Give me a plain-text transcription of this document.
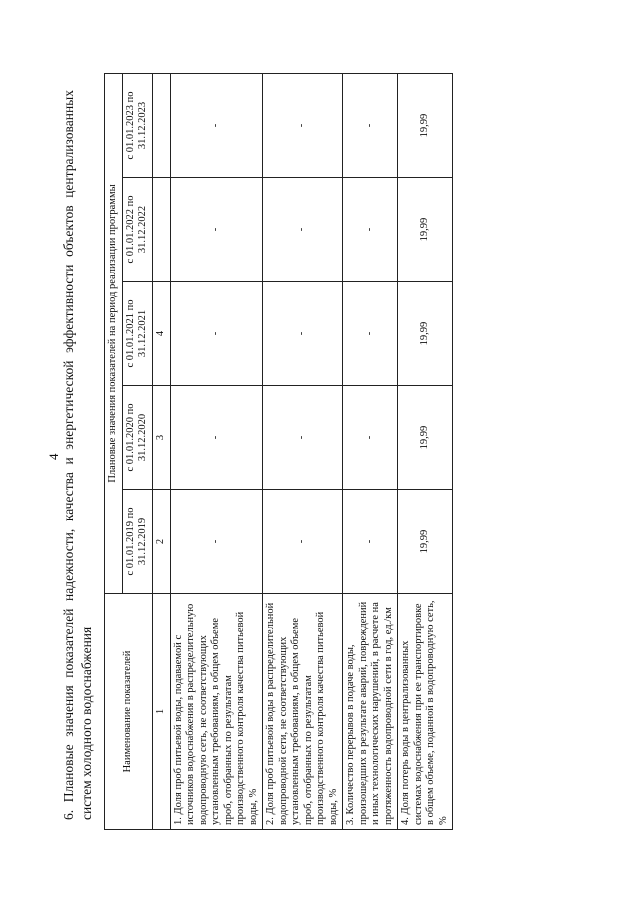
4 6. Плановые значения показателей надежности, качества и энергетической эффективности объектов централизованных систем холодного водоснабжения	Наименование показателей	Плановые значения показателей на период реализации программы				
	с 01.01.2019 по 31.12.2019	с 01.01.2020 по 31.12.2020	с 01.01.2021 по 31.12.2021	с 01.01.2022 по 31.12.2022	с 01.01.2023 по 31.12.2023
1	2	3	4		
1. Доля проб питьевой воды, подаваемой с источников водоснабжения в распределительную водопроводную сеть, не соответствующих установленным требованиям, в общем объеме проб, отобранных по результатам производственного контроля качества питьевой воды, %	-	-	-	-	-
2. Доля проб питьевой воды в распределительной водопроводной сети, не соответствующих установленным требованиям, в общем объеме проб, отобранных по результатам производственного контроля качества питьевой воды, %	-	-	-	-	-
3. Количество перерывов в подаче воды, произошедших в результате аварий, повреждений и иных технологических нарушений, в расчете на протяженность водопроводной сети в год, ед./км	-	-	-	-	-
4. Доля потерь воды в централизованных системах водоснабжения при ее транспортировке в общем объеме, поданной в водопроводную сеть, %	19,99	19,99	19,99	19,99	19,99
